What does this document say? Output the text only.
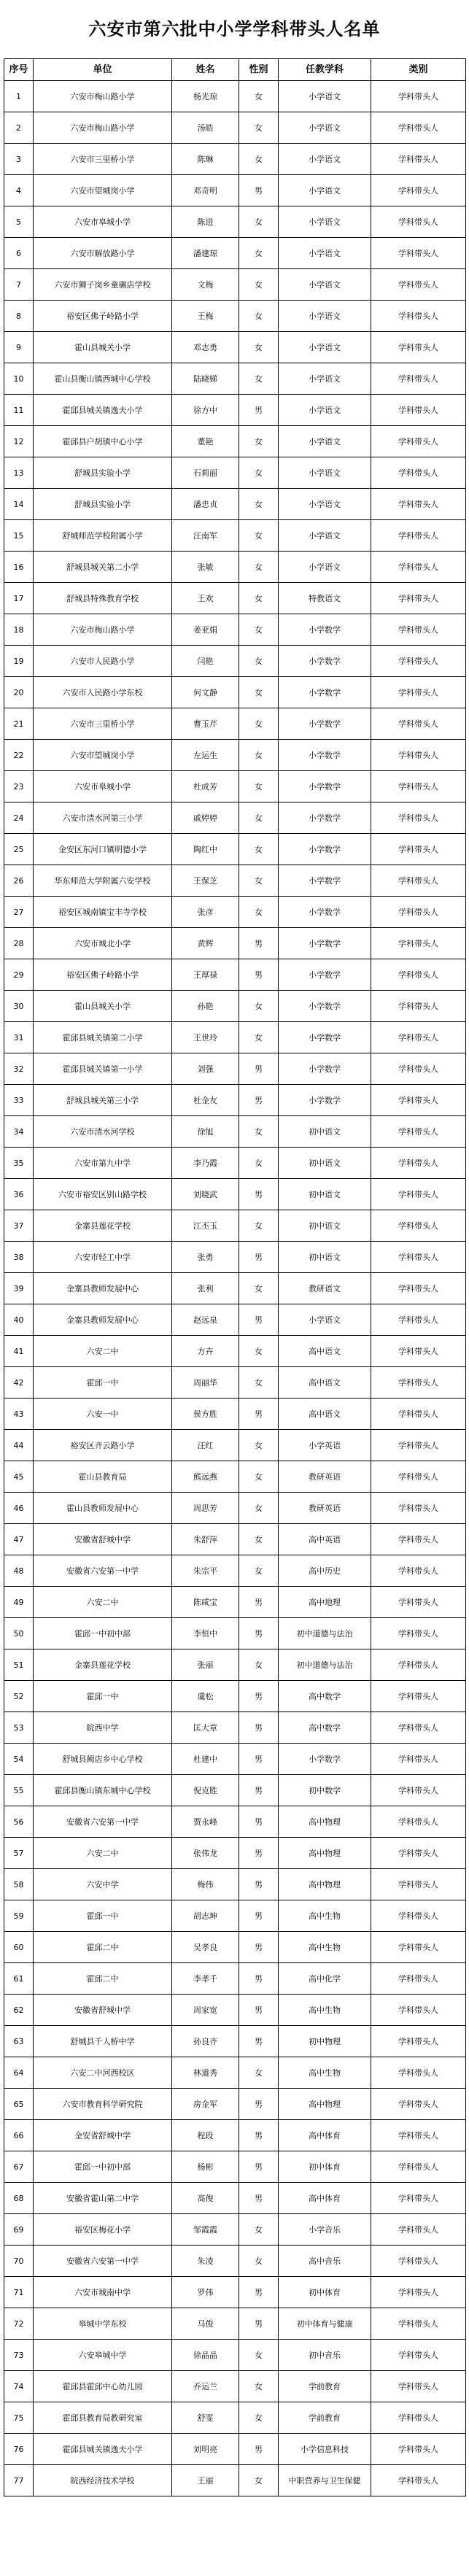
六安市第六批中小学学科带头人名单
序号	单位	姓名	性别	任教学科	类别
1	六安市梅山路小学	杨光琼	女	小学语文	学科带头人
2	六安市梅山路小学	汤皓	女	小学语文	学科带头人
3	六安市三里桥小学	陈琳	女	小学语文	学科带头人
4	六安市望城岗小学	邓奇明	男	小学语文	学科带头人
5	六安市皋城小学	陈进	女	小学语文	学科带头人
6	六安市解放路小学	潘建琼	女	小学语文	学科带头人
7	六安市狮子岗乡童碾店学校	文梅	女	小学语文	学科带头人
8	裕安区佛子岭路小学	王梅	女	小学语文	学科带头人
9	霍山县城关小学	邓志勇	女	小学语文	学科带头人
10	霍山县衡山镇西城中心学校	陆晓娣	女	小学语文	学科带头人
11	霍邱县城关镇逸夫小学	徐方中	男	小学语文	学科带头人
12	霍邱县户胡镇中心小学	董艳	女	小学语文	学科带头人
13	舒城县实验小学	石莉丽	女	小学语文	学科带头人
14	舒城县实验小学	潘忠贞	女	小学语文	学科带头人
15	舒城师范学校附属小学	汪南军	女	小学语文	学科带头人
16	舒城县城关第二小学	张敏	女	小学语文	学科带头人
17	舒城县特殊教育学校	王欢	女	特教语文	学科带头人
18	六安市梅山路小学	姜亚娟	女	小学数学	学科带头人
19	六安市人民路小学	闫艳	女	小学数学	学科带头人
20	六安市人民路小学东校	何文静	女	小学数学	学科带头人
21	六安市三里桥小学	曹玉芹	女	小学数学	学科带头人
22	六安市望城岗小学	左运生	女	小学数学	学科带头人
23	六安市皋城小学	杜成芳	女	小学数学	学科带头人
24	六安市清水河第三小学	戚婷婷	女	小学数学	学科带头人
25	金安区东河口镇明德小学	陶红中	女	小学数学	学科带头人
26	华东师范大学附属六安学校	王保芝	女	小学数学	学科带头人
27	裕安区城南镇宝丰寺学校	张彦	女	小学数学	学科带头人
28	六安市城北小学	黄辉	男	小学数学	学科带头人
29	裕安区佛子岭路小学	王厚禄	男	小学数学	学科带头人
30	霍山县城关小学	孙艳	女	小学数学	学科带头人
31	霍邱县城关镇第二小学	王世玲	女	小学数学	学科带头人
32	霍邱县城关镇第一小学	刘强	男	小学数学	学科带头人
33	舒城县城关第三小学	杜金友	男	小学数学	学科带头人
34	六安市清水河学校	徐旭	女	初中语文	学科带头人
35	六安市第九中学	李乃霞	女	初中语文	学科带头人
36	六安市裕安区别山路学校	刘晓武	男	初中语文	学科带头人
37	金寨县莲花学校	江丕玉	女	初中语文	学科带头人
38	六安市轻工中学	张勇	男	初中语文	学科带头人
39	金寨县教师发展中心	张利	女	教研语文	学科带头人
40	金寨县教师发展中心	赵远泉	男	小学语文	学科带头人
41	六安二中	方卉	女	高中语文	学科带头人
42	霍邱一中	周丽华	女	高中语文	学科带头人
43	六安一中	侯方胜	男	高中语文	学科带头人
44	裕安区齐云路小学	汪红	女	小学英语	学科带头人
45	霍山县教育局	熊远燕	女	教研英语	学科带头人
46	霍山县教师发展中心	周思芳	女	教研英语	学科带头人
47	安徽省舒城中学	朱舒萍	女	高中英语	学科带头人
48	安徽省六安第一中学	朱宗平	女	高中历史	学科带头人
49	六安二中	陈咸宝	男	高中地理	学科带头人
50	霍邱一中初中部	李恒中	男	初中道德与法治	学科带头人
51	金寨县莲花学校	张丽	女	初中道德与法治	学科带头人
52	霍邱一中	虞松	男	高中数学	学科带头人
53	皖西中学	匡大章	男	高中数学	学科带头人
54	舒城县阙店乡中心学校	杜建中	男	小学数学	学科带头人
55	霍邱县衡山镇东城中心学校	倪克胜	男	初中数学	学科带头人
56	安徽省六安第一中学	贾永峰	男	高中物理	学科带头人
57	六安二中	张伟龙	男	高中物理	学科带头人
58	六安中学	梅伟	男	高中物理	学科带头人
59	霍邱一中	胡志坤	男	高中生物	学科带头人
60	霍邱二中	吴孝良	男	高中生物	学科带头人
61	霍邱二中	李孝千	男	高中化学	学科带头人
62	安徽省舒城中学	周家宽	男	高中生物	学科带头人
63	舒城县千人桥中学	孙良齐	男	初中物理	学科带头人
64	六安二中河西校区	林道秀	女	高中生物	学科带头人
65	六安市教育科学研究院	房金军	男	高中物理	学科带头人
66	金安省舒城中学	程段	男	高中体育	学科带头人
67	霍邱一中初中部	杨彬	男	初中体育	学科带头人
68	安徽省霍山第二中学	高俊	男	高中体育	学科带头人
69	裕安区梅花小学	邹霞霞	女	小学音乐	学科带头人
70	安徽省六安第一中学	朱凌	女	高中音乐	学科带头人
71	六安市城南中学	罗伟	男	初中体育	学科带头人
72	皋城中学东校	马俊	男	初中体育与健康	学科带头人
73	六安皋城中学	徐晶晶	女	初中音乐	学科带头人
74	霍邱县霍邱中心幼儿园	乔运兰	女	学前教育	学科带头人
75	霍邱县教育局教研究室	舒雯	女	学前教育	学科带头人
76	霍邱县城关镇逸夫小学	刘明亮	男	小学信息科技	学科带头人
77	皖西经济技术学校	王丽	女	中职营养与卫生保健	学科带头人
